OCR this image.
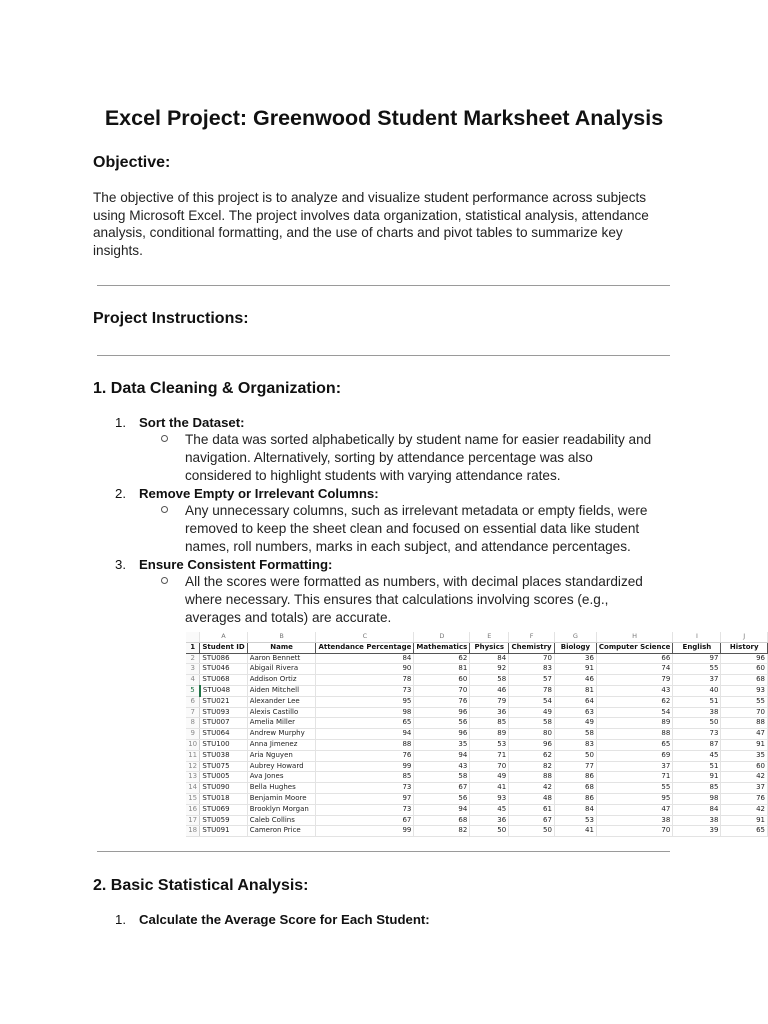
Excel Project: Greenwood Student Marksheet Analysis
Objective:
The objective of this project is to analyze and visualize student performance across subjects
using Microsoft Excel. The project involves data organization, statistical analysis, attendance
analysis, conditional formatting, and the use of charts and pivot tables to summarize key
insights.
Project Instructions:
1. Data Cleaning & Organization:
1. Sort the Dataset:
The data was sorted alphabetically by student name for easier readability and
navigation. Alternatively, sorting by attendance percentage was also
considered to highlight students with varying attendance rates.
2. Remove Empty or Irrelevant Columns:
Any unnecessary columns, such as irrelevant metadata or empty fields, were
removed to keep the sheet clean and focused on essential data like student
names, roll numbers, marks in each subject, and attendance percentages.
3. Ensure Consistent Formatting:
All the scores were formatted as numbers, with decimal places standardized
where necessary. This ensures that calculations involving scores (e.g.,
averages and totals) are accurate.
	A	B	C	D	E	F	G	H	I	J
1	Student ID	Name	Attendance Percentage	Mathematics	Physics	Chemistry	Biology	Computer Science	English	History
2	STU086	Aaron Bennett	84	62	84	70	36	66	97	96
3	STU046	Abigail Rivera	90	81	92	83	91	74	55	60
4	STU068	Addison Ortiz	78	60	58	57	46	79	37	68
5	STU048	Aiden Mitchell	73	70	46	78	81	43	40	93
6	STU021	Alexander Lee	95	76	79	54	64	62	51	55
7	STU093	Alexis Castillo	98	96	36	49	63	54	38	70
8	STU007	Amelia Miller	65	56	85	58	49	89	50	88
9	STU064	Andrew Murphy	94	96	89	80	58	88	73	47
10	STU100	Anna Jimenez	88	35	53	96	83	65	87	91
11	STU038	Aria Nguyen	76	94	71	62	50	69	45	35
12	STU075	Aubrey Howard	99	43	70	82	77	37	51	60
13	STU005	Ava Jones	85	58	49	88	86	71	91	42
14	STU090	Bella Hughes	73	67	41	42	68	55	85	37
15	STU018	Benjamin Moore	97	56	93	48	86	95	98	76
16	STU069	Brooklyn Morgan	73	94	45	61	84	47	84	42
17	STU059	Caleb Collins	67	68	36	67	53	38	38	91
18	STU091	Cameron Price	99	82	50	50	41	70	39	65
2. Basic Statistical Analysis:
1. Calculate the Average Score for Each Student:
